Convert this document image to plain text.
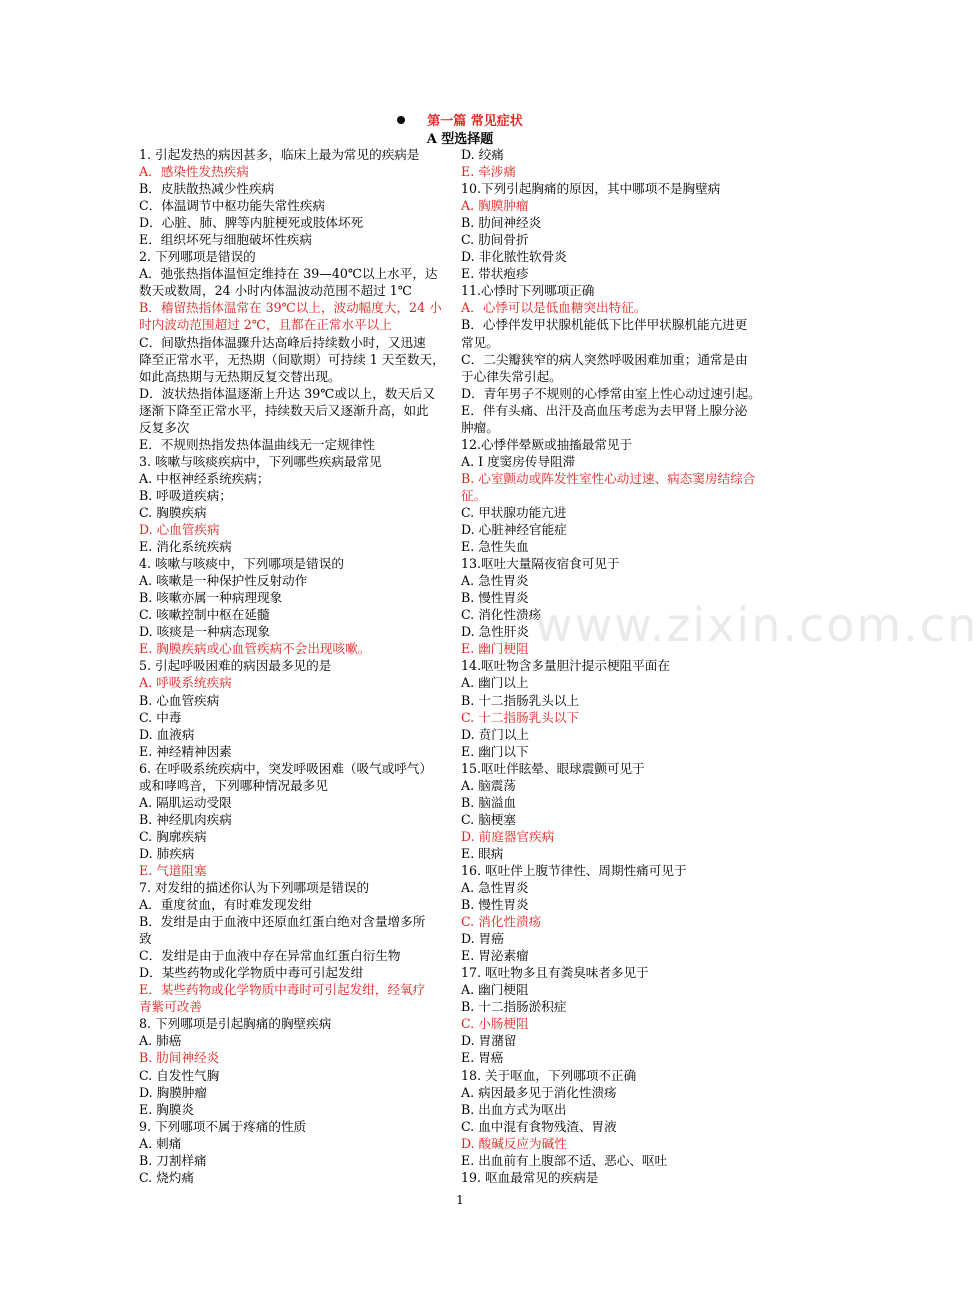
第一篇 常见症状
A 型选择题
1. 引起发热的病因甚多，临床上最为常见的疾病是
A．感染性发热疾病
B．皮肤散热减少性疾病
C．体温调节中枢功能失常性疾病
D．心脏、肺、脾等内脏梗死或肢体坏死
E．组织坏死与细胞破坏性疾病
2. 下列哪项是错误的
A．弛张热指体温恒定维持在 39—40℃以上水平，达
数天或数周，24 小时内体温波动范围不超过 1℃
B．稽留热指体温常在 39℃以上，波动幅度大，24 小
时内波动范围超过 2℃，且都在正常水平以上
C．间歇热指体温骤升达高峰后持续数小时，又迅速
降至正常水平，无热期（间歇期）可持续 1 天至数天，
如此高热期与无热期反复交替出现。
D．波状热指体温逐渐上升达 39℃或以上，数天后又
逐渐下降至正常水平，持续数天后又逐渐升高，如此
反复多次
E．不规则热指发热体温曲线无一定规律性
3. 咳嗽与咳痰疾病中，下列哪些疾病最常见
A. 中枢神经系统疾病；
B. 呼吸道疾病；
C. 胸膜疾病
D. 心血管疾病
E. 消化系统疾病
4. 咳嗽与咳痰中，下列哪项是错误的
A. 咳嗽是一种保护性反射动作
B. 咳嗽亦属一种病理现象
C. 咳嗽控制中枢在延髓
D. 咳痰是一种病态现象
E. 胸膜疾病或心血管疾病不会出现咳嗽。
5. 引起呼吸困难的病因最多见的是
A. 呼吸系统疾病
B. 心血管疾病
C. 中毒
D. 血液病
E. 神经精神因素
6. 在呼吸系统疾病中，突发呼吸困难（吸气或呼气）
或和哮鸣音，下列哪种情况最多见
A. 隔肌运动受限
B. 神经肌肉疾病
C. 胸廓疾病
D. 肺疾病
E. 气道阻塞
7. 对发绀的描述你认为下列哪项是错误的
A．重度贫血，有时难发现发绀
B．发绀是由于血液中还原血红蛋白绝对含量增多所
致
C．发绀是由于血液中存在异常血红蛋白衍生物
D．某些药物或化学物质中毒可引起发绀
E．某些药物或化学物质中毒时可引起发绀，经氧疗
青紫可改善
8. 下列哪项是引起胸痛的胸壁疾病
A. 肺癌
B. 肋间神经炎
C. 自发性气胸
D. 胸膜肿瘤
E. 胸膜炎
9. 下列哪项不属于疼痛的性质
A. 刺痛
B. 刀割样痛
C. 烧灼痛
D. 绞痛
E. 牵涉痛
10.下列引起胸痛的原因，其中哪项不是胸壁病
A. 胸膜肿瘤
B. 肋间神经炎
C. 肋间骨折
D. 非化脓性软骨炎
E. 带状疱疹
11.心悸时下列哪项正确
A．心悸可以是低血糖突出特征。
B．心悸伴发甲状腺机能低下比伴甲状腺机能亢进更
常见。
C．二尖瓣狭窄的病人突然呼吸困难加重；通常是由
于心律失常引起。
D．青年男子不规则的心悸常由室上性心动过速引起。
E．伴有头痛、出汗及高血压考虑为去甲肾上腺分泌
肿瘤。
12.心悸伴晕厥或抽搐最常见于
A. I 度窦房传导阻滞
B. 心室颤动或阵发性室性心动过速、病态窦房结综合
征。
C. 甲状腺功能亢进
D. 心脏神经官能症
E. 急性失血
13.呕吐大量隔夜宿食可见于
A. 急性胃炎
B. 慢性胃炎
C. 消化性溃疡
D. 急性肝炎
E. 幽门梗阻
14.呕吐物含多量胆汁提示梗阻平面在
A. 幽门以上
B. 十二指肠乳头以上
C. 十二指肠乳头以下
D. 贲门以上
E. 幽门以下
15.呕吐伴眩晕、眼球震颤可见于
A. 脑震荡
B. 脑溢血
C. 脑梗塞
D. 前庭器官疾病
E. 眼病
16. 呕吐伴上腹节律性、周期性痛可见于
A. 急性胃炎
B. 慢性胃炎
C. 消化性溃疡
D. 胃癌
E. 胃泌素瘤
17. 呕吐物多且有粪臭味者多见于
A. 幽门梗阻
B. 十二指肠淤积症
C. 小肠梗阻
D. 胃潴留
E. 胃癌
18. 关于呕血，下列哪项不正确
A. 病因最多见于消化性溃疡
B. 出血方式为呕出
C. 血中混有食物残渣、胃液
D. 酸碱反应为碱性
E. 出血前有上腹部不适、恶心、呕吐
19. 呕血最常见的疾病是
www.zixin.com.cn
1
